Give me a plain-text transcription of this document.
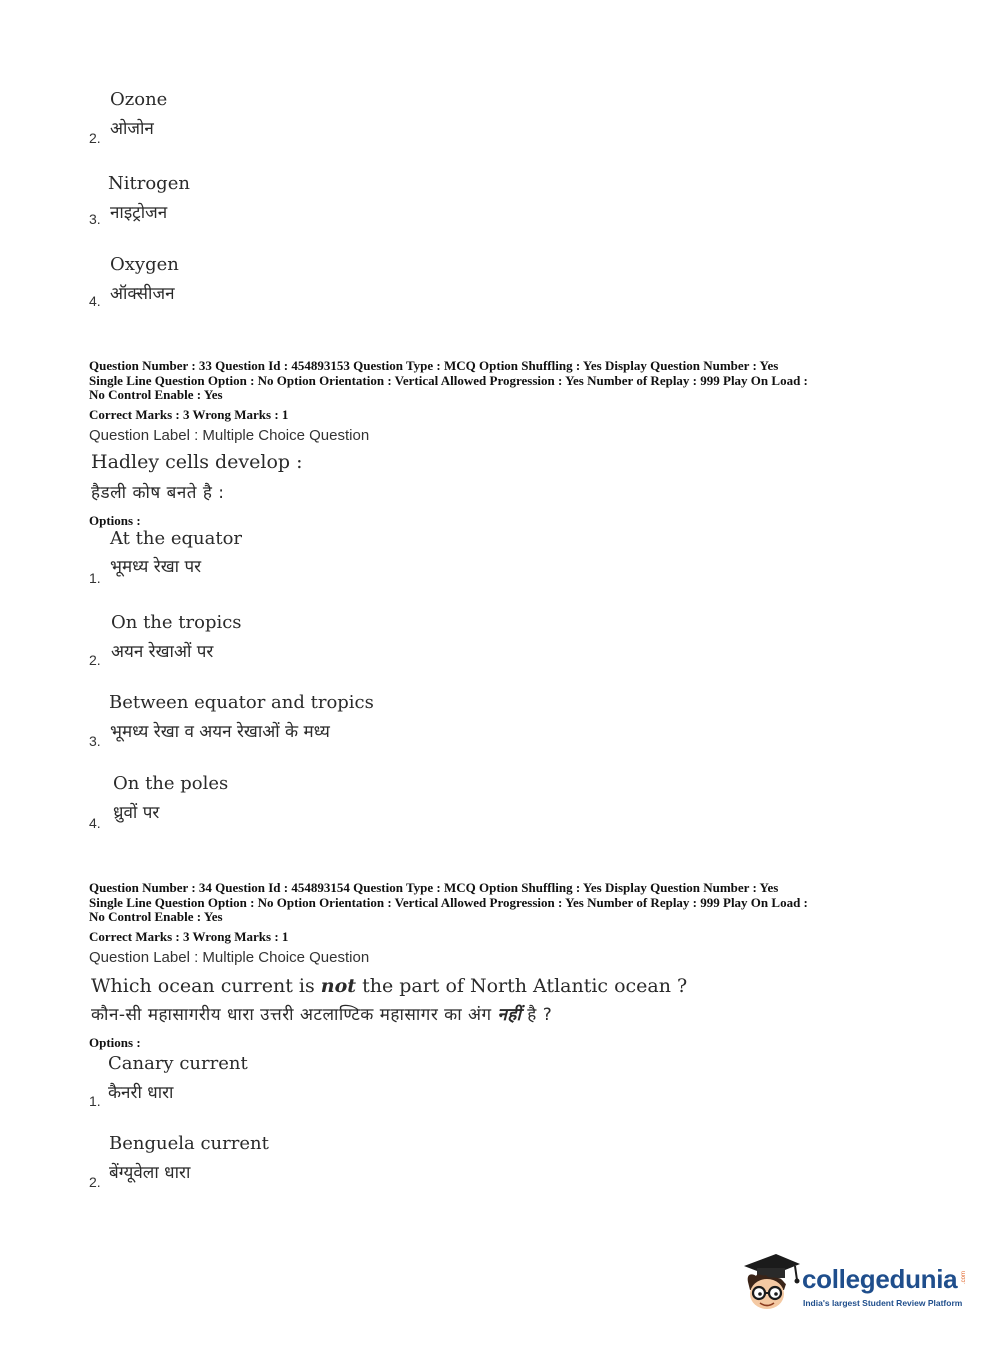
Ozone
ओजोन
2.
Nitrogen
नाइट्रोजन
3.
Oxygen
ऑक्सीजन
4.
Question Number : 33 Question Id : 454893153 Question Type : MCQ Option Shuffling : Yes Display Question Number : Yes
Single Line Question Option : No Option Orientation : Vertical Allowed Progression : Yes Number of Replay : 999 Play On Load :
No Control Enable : Yes
Correct Marks : 3 Wrong Marks : 1
Question Label : Multiple Choice Question
Hadley cells develop :
हैडली कोष बनते है :
Options :
At the equator
भूमध्य रेखा पर
1.
On the tropics
अयन रेखाओं पर
2.
Between equator and tropics
भूमध्य रेखा व अयन रेखाओं के मध्य
3.
On the poles
ध्रुवों पर
4.
Question Number : 34 Question Id : 454893154 Question Type : MCQ Option Shuffling : Yes Display Question Number : Yes
Single Line Question Option : No Option Orientation : Vertical Allowed Progression : Yes Number of Replay : 999 Play On Load :
No Control Enable : Yes
Correct Marks : 3 Wrong Marks : 1
Question Label : Multiple Choice Question
Which ocean current is not the part of North Atlantic ocean ?
कौन-सी महासागरीय धारा उत्तरी अटलाण्टिक महासागर का अंग नहीं है ?
Options :
Canary current
कैनरी धारा
1.
Benguela current
बेंग्यूवेला धारा
2.
collegedunia .com
India's largest Student Review Platform
